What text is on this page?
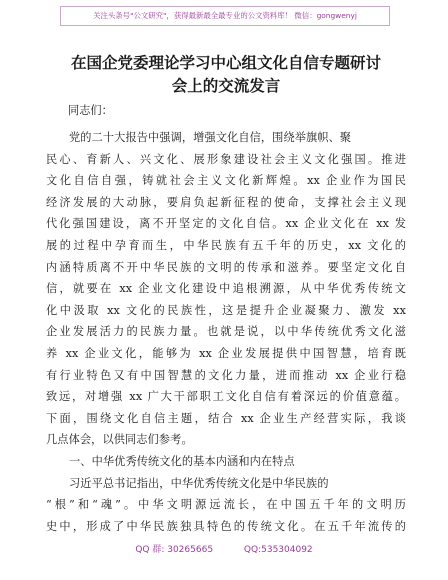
关注头条号"公文研究"，获得最新最全最专业的公文资料库！ 微信：gongwenyj
在国企党委理论学习中心组文化自信专题研讨
会上的交流发言
同志们：
党的二十大报告中强调，增强文化自信，围绕举旗帜、聚
民心、育新人、兴文化、展形象建设社会主义文化强国。推进
文化自信自强，铸就社会主义文化新辉煌。xx 企业作为国民
经济发展的大动脉，要肩负起新征程的使命，支撑社会主义现
代化强国建设，离不开坚定的文化自信。xx 企业文化在 xx 发
展的过程中孕育而生，中华民族有五千年的历史，xx 文化的
内涵特质离不开中华民族的文明的传承和滋养。要坚定文化自
信，就要在 xx 企业文化建设中追根溯源，从中华优秀传统文
化中汲取 xx 文化的民族性，这是提升企业凝聚力、激发 xx
企业发展活力的民族力量。也就是说，以中华传统优秀文化滋
养 xx 企业文化，能够为 xx 企业发展提供中国智慧，培育既
有行业特色又有中国智慧的文化力量，进而推动 xx 企业行稳
致远，对增强 xx 广大干部职工文化自信有着深远的价值意蕴。
下面，围绕文化自信主题，结合 xx 企业生产经营实际，我谈
几点体会，以供同志们参考。
一、中华优秀传统文化的基本内涵和内在特点
习近平总书记指出，中华优秀传统文化是中华民族的
“根”和“魂”。中华文明源远流长，在中国五千年的文明历
史中，形成了中华民族独具特色的传统文化。在五千年流传的
QQ 群: 30265665	QQ:535304092
